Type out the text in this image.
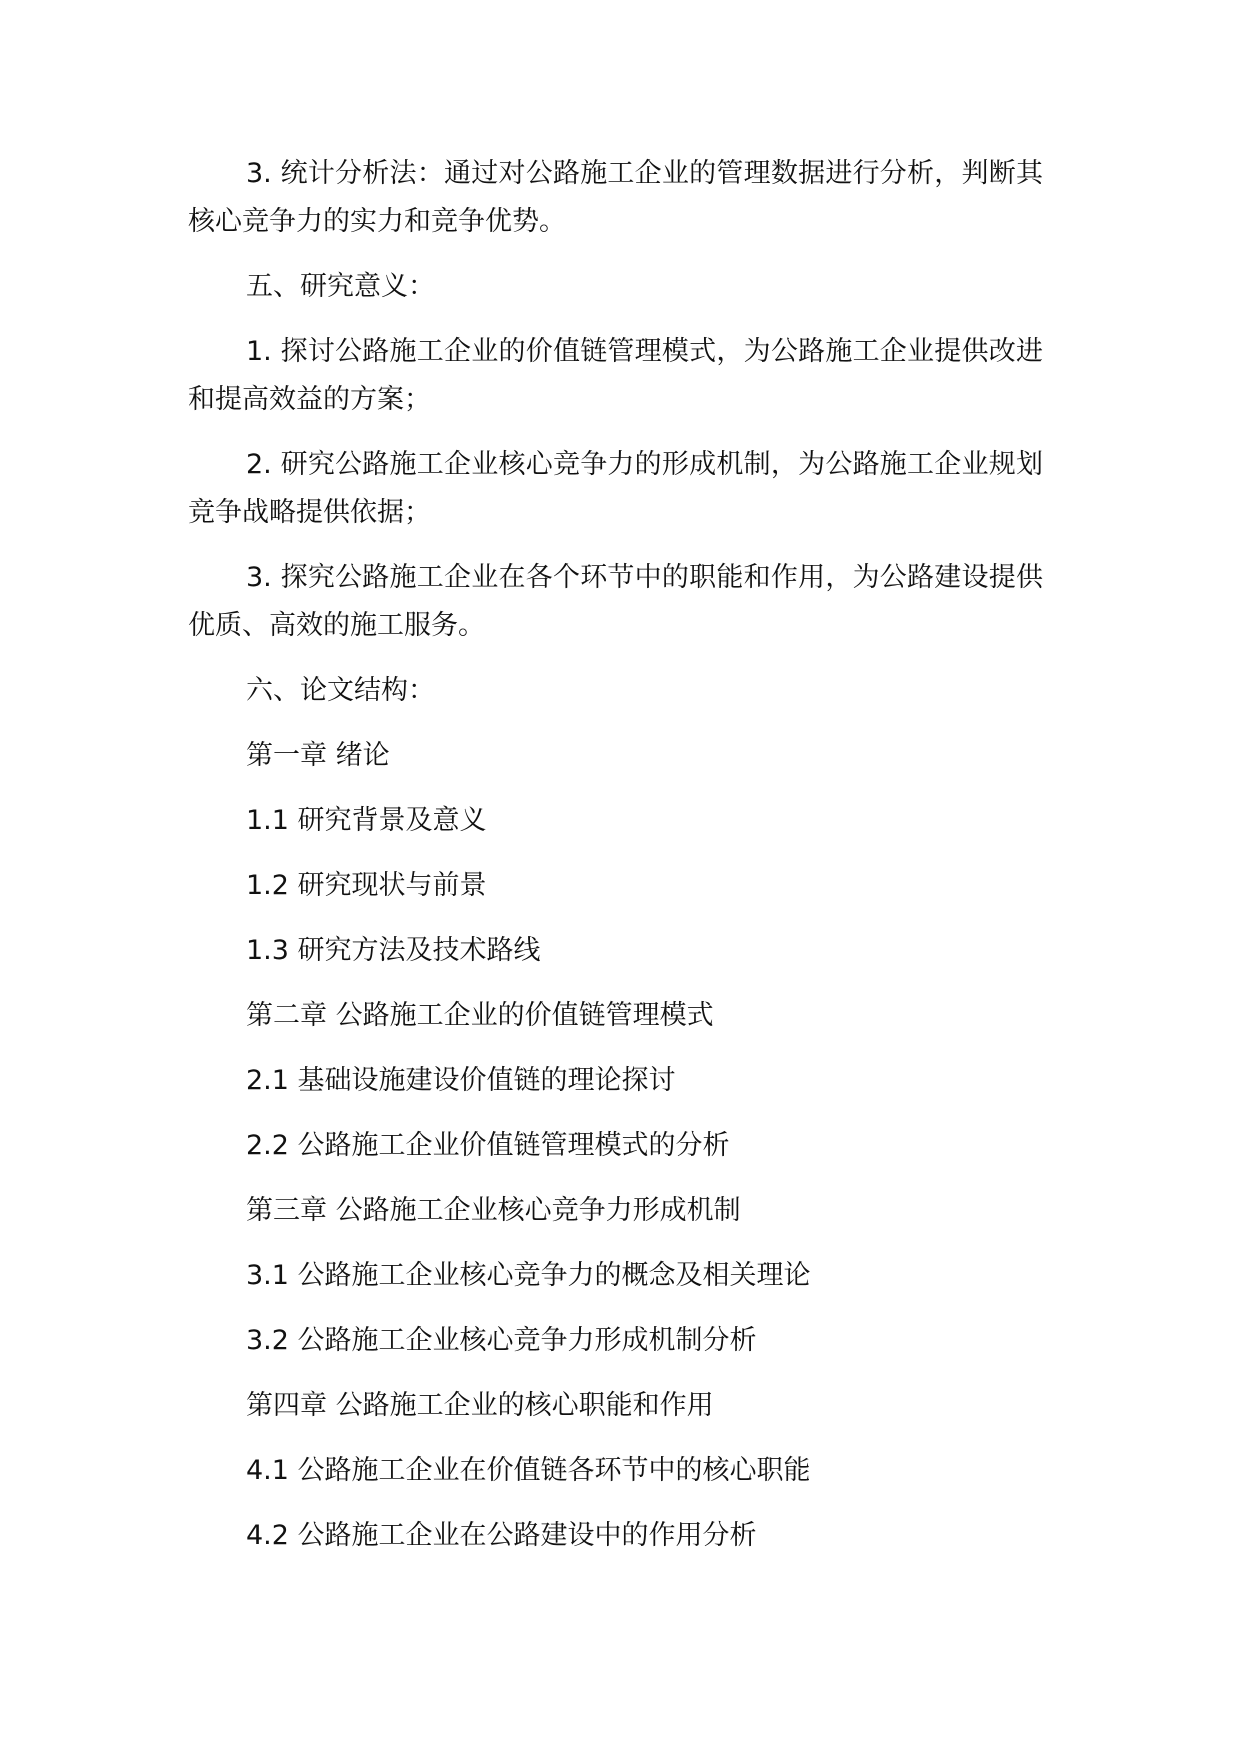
3. 统计分析法：通过对公路施工企业的管理数据进行分析，判断其核心竞争力的实力和竞争优势。

五、研究意义：

1. 探讨公路施工企业的价值链管理模式，为公路施工企业提供改进和提高效益的方案；

2. 研究公路施工企业核心竞争力的形成机制，为公路施工企业规划竞争战略提供依据；

3. 探究公路施工企业在各个环节中的职能和作用，为公路建设提供优质、高效的施工服务。

六、论文结构：

第一章 绪论

1.1 研究背景及意义

1.2 研究现状与前景

1.3 研究方法及技术路线

第二章 公路施工企业的价值链管理模式

2.1 基础设施建设价值链的理论探讨

2.2 公路施工企业价值链管理模式的分析

第三章 公路施工企业核心竞争力形成机制

3.1 公路施工企业核心竞争力的概念及相关理论

3.2 公路施工企业核心竞争力形成机制分析

第四章 公路施工企业的核心职能和作用

4.1 公路施工企业在价值链各环节中的核心职能

4.2 公路施工企业在公路建设中的作用分析
